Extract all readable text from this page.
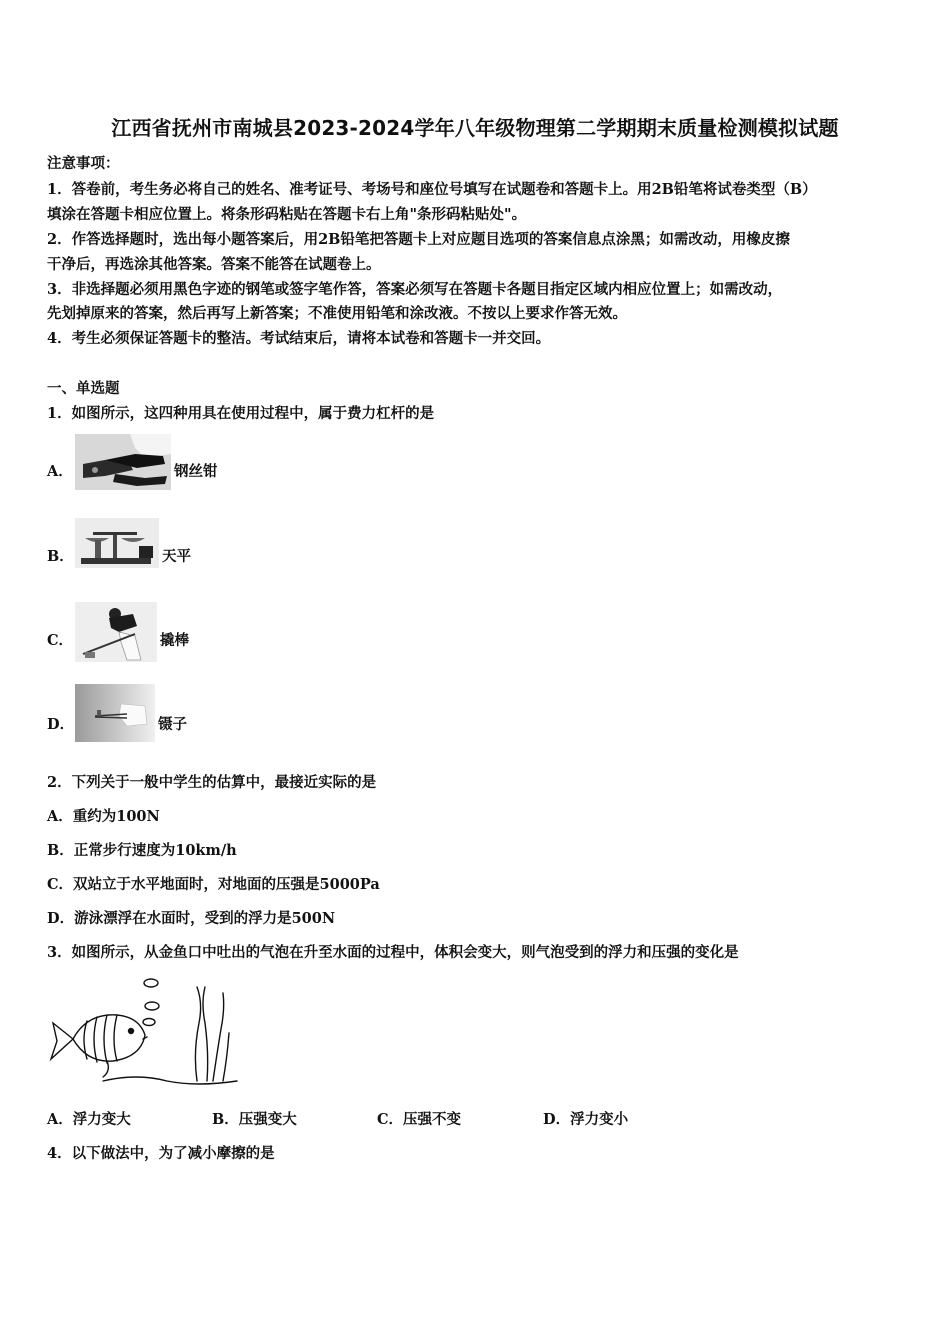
江西省抚州市南城县2023-2024学年八年级物理第二学期期末质量检测模拟试题
注意事项：
1．答卷前，考生务必将自己的姓名、准考证号、考场号和座位号填写在试题卷和答题卡上。用2B铅笔将试卷类型（B）
填涂在答题卡相应位置上。将条形码粘贴在答题卡右上角"条形码粘贴处"。
2．作答选择题时，选出每小题答案后，用2B铅笔把答题卡上对应题目选项的答案信息点涂黑；如需改动，用橡皮擦
干净后，再选涂其他答案。答案不能答在试题卷上。
3．非选择题必须用黑色字迹的钢笔或签字笔作答，答案必须写在答题卡各题目指定区域内相应位置上；如需改动，
先划掉原来的答案，然后再写上新答案；不准使用铅笔和涂改液。不按以上要求作答无效。
4．考生必须保证答题卡的整洁。考试结束后，请将本试卷和答题卡一并交回。
一、单选题
1．如图所示，这四种用具在使用过程中，属于费力杠杆的是
A．	钢丝钳
B．	天平
C．	撬棒
D．	镊子
2．下列关于一般中学生的估算中，最接近实际的是
A．重约为100N
B．正常步行速度为10km/h
C．双站立于水平地面时，对地面的压强是5000Pa
D．游泳漂浮在水面时，受到的浮力是500N
3．如图所示，从金鱼口中吐出的气泡在升至水面的过程中，体积会变大，则气泡受到的浮力和压强的变化是
A．浮力变大	B．压强变大	C．压强不变	D．浮力变小
4．以下做法中，为了减小摩擦的是
